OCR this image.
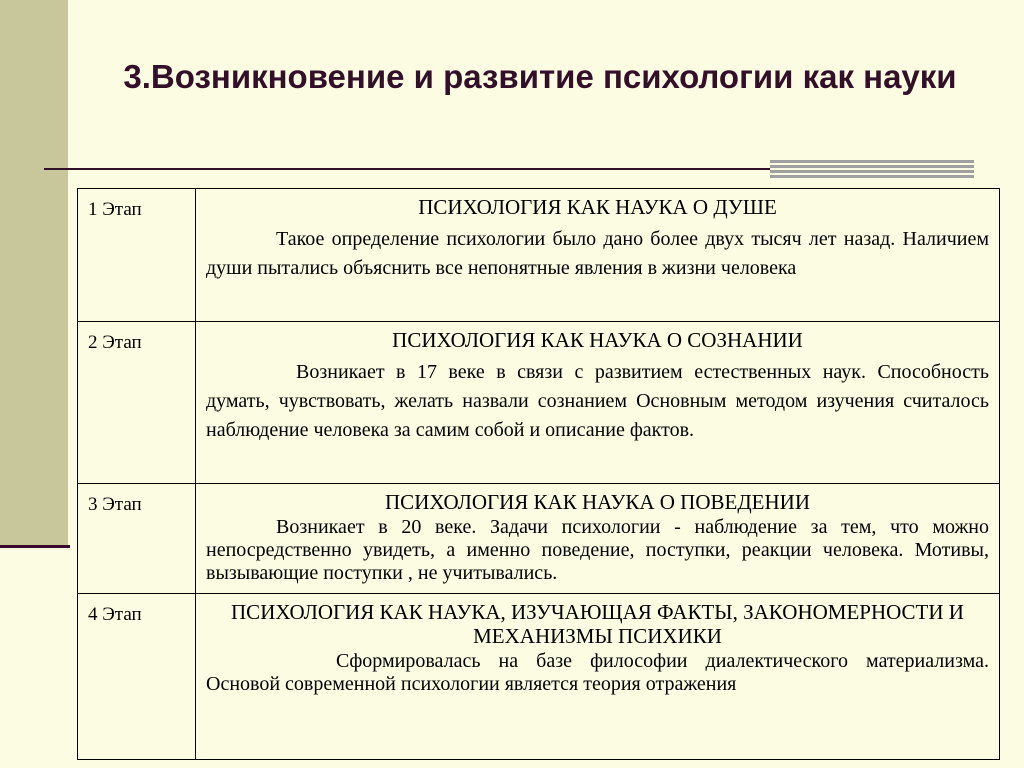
3.Возникновение и развитие психологии как науки
1 Этап	ПСИХОЛОГИЯ КАК НАУКА О ДУШЕ
Такое определение психологии было дано более двух тысяч лет назад. Наличием души пытались объяснить все непонятные явления в жизни человека

2 Этап	ПСИХОЛОГИЯ КАК НАУКА О СОЗНАНИИ
Возникает в 17 веке в связи с развитием естественных наук. Способность думать, чувствовать, желать назвали сознанием Основным методом изучения считалось наблюдение человека за самим собой и описание фактов.

3 Этап	ПСИХОЛОГИЯ КАК НАУКА О ПОВЕДЕНИИ
Возникает в 20 веке. Задачи психологии - наблюдение за тем, что можно непосредственно увидеть, а именно поведение, поступки, реакции человека. Мотивы, вызывающие поступки , не учитывались.

4 Этап	ПСИХОЛОГИЯ КАК НАУКА, ИЗУЧАЮЩАЯ ФАКТЫ, ЗАКОНОМЕРНОСТИ И МЕХАНИЗМЫ ПСИХИКИ
Сформировалась на базе философии диалектического материализма. Основой современной психологии является теория отражения
